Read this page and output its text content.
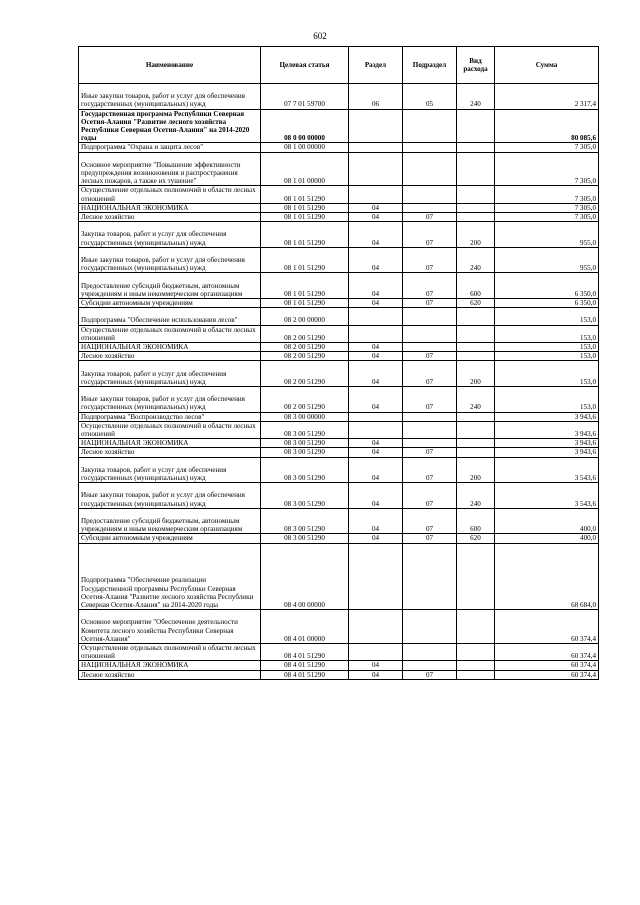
602
Наименование	Целевая статья	Раздел	Подраздел	Вид расхода	Сумма
Иные закупки товаров, работ и услуг для обеспечения государственных (муниципальных) нужд	07 7 01 59700	06	05	240	2 317,4
Государственная программа Республики Северная Осетия-Алания "Развитие лесного хозяйства Республики Северная Осетия-Алания" на 2014-2020 годы	08 0 00 00000				80 085,6
Подпрограмма "Охрана и защита лесов"	08 1 00 00000				7 305,0
Основное мероприятие "Повышение эффективности предупреждения возникновения и распространения лесных пожаров, а также их тушение"	08 1 01 00000				7 305,0
Осуществление отдельных полномочий в области лесных отношений	08 1 01 51290				7 305,0
НАЦИОНАЛЬНАЯ ЭКОНОМИКА	08 1 01 51290	04			7 305,0
Лесное хозяйство	08 1 01 51290	04	07		7 305,0
Закупка товаров, работ и услуг для обеспечения государственных (муниципальных) нужд	08 1 01 51290	04	07	200	955,0
Иные закупки товаров, работ и услуг для обеспечения государственных (муниципальных) нужд	08 1 01 51290	04	07	240	955,0
Предоставление субсидий бюджетным, автономным учреждениям и иным некоммерческим организациям	08 1 01 51290	04	07	600	6 350,0
Субсидии автономным учреждениям	08 1 01 51290	04	07	620	6 350,0
Подпрограмма "Обеспечение использования лесов"	08 2 00 00000				153,0
Осуществление отдельных полномочий в области лесных отношений	08 2 00 51290				153,0
НАЦИОНАЛЬНАЯ ЭКОНОМИКА	08 2 00 51290	04			153,0
Лесное хозяйство	08 2 00 51290	04	07		153,0
Закупка товаров, работ и услуг для обеспечения государственных (муниципальных) нужд	08 2 00 51290	04	07	200	153,0
Иные закупки товаров, работ и услуг для обеспечения государственных (муниципальных) нужд	08 2 00 51290	04	07	240	153,0
Подпрограмма "Воспроизводство лесов"	08 3 00 00000				3 943,6
Осуществление отдельных полномочий в области лесных отношений	08 3 00 51290				3 943,6
НАЦИОНАЛЬНАЯ ЭКОНОМИКА	08 3 00 51290	04			3 943,6
Лесное хозяйство	08 3 00 51290	04	07		3 943,6
Закупка товаров, работ и услуг для обеспечения государственных (муниципальных) нужд	08 3 00 51290	04	07	200	3 543,6
Иные закупки товаров, работ и услуг для обеспечения государственных (муниципальных) нужд	08 3 00 51290	04	07	240	3 543,6
Предоставление субсидий бюджетным, автономным учреждениям и иным некоммерческим организациям	08 3 00 51290	04	07	600	400,0
Субсидии автономным учреждениям	08 3 00 51290	04	07	620	400,0
Подпрограмма "Обеспечение реализации Государственной программы Республики Северная Осетия-Алания "Развитие лесного хозяйства Республики Северная Осетия-Алания" на 2014-2020 годы	08 4 00 00000				68 684,0
Основное мероприятие "Обеспечение деятельности Комитета лесного хозяйства Республики Северная Осетия-Алания"	08 4 01 00000				60 374,4
Осуществление отдельных полномочий в области лесных отношений	08 4 01 51290				60 374,4
НАЦИОНАЛЬНАЯ ЭКОНОМИКА	08 4 01 51290	04			60 374,4
Лесное хозяйство	08 4 01 51290	04	07		60 374,4
